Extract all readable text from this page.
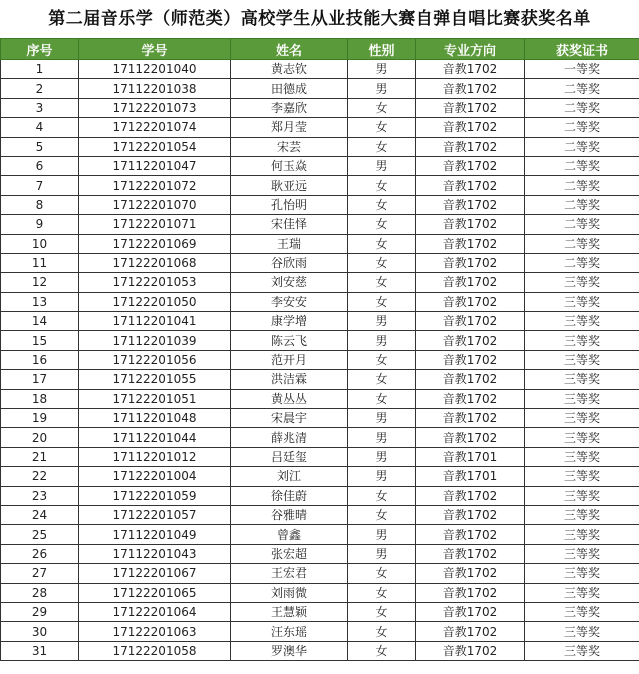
第二届音乐学（师范类）高校学生从业技能大赛自弹自唱比赛获奖名单
序号	学号	姓名	性别	专业方向	获奖证书
1	17112201040	黄志钦	男	音教1702	一等奖
2	17112201038	田德成	男	音教1702	二等奖
3	17122201073	李嘉欣	女	音教1702	二等奖
4	17122201074	郑月莹	女	音教1702	二等奖
5	17122201054	宋芸	女	音教1702	二等奖
6	17112201047	何玉焱	男	音教1702	二等奖
7	17122201072	耿亚远	女	音教1702	二等奖
8	17122201070	孔怡明	女	音教1702	二等奖
9	17122201071	宋佳怿	女	音教1702	二等奖
10	17122201069	王瑞	女	音教1702	二等奖
11	17122201068	谷欣雨	女	音教1702	二等奖
12	17122201053	刘安慈	女	音教1702	三等奖
13	17122201050	李安安	女	音教1702	三等奖
14	17112201041	康学增	男	音教1702	三等奖
15	17112201039	陈云飞	男	音教1702	三等奖
16	17122201056	范开月	女	音教1702	三等奖
17	17122201055	洪洁霖	女	音教1702	三等奖
18	17122201051	黄丛丛	女	音教1702	三等奖
19	17112201048	宋晨宇	男	音教1702	三等奖
20	17112201044	薛兆清	男	音教1702	三等奖
21	17112201012	吕廷玺	男	音教1701	三等奖
22	17122201004	刘江	男	音教1701	三等奖
23	17122201059	徐佳蔚	女	音教1702	三等奖
24	17122201057	谷雅晴	女	音教1702	三等奖
25	17112201049	曾鑫	男	音教1702	三等奖
26	17112201043	张宏超	男	音教1702	三等奖
27	17122201067	王宏君	女	音教1702	三等奖
28	17122201065	刘雨微	女	音教1702	三等奖
29	17122201064	王慧颖	女	音教1702	三等奖
30	17122201063	汪东瑶	女	音教1702	三等奖
31	17122201058	罗澳华	女	音教1702	三等奖
